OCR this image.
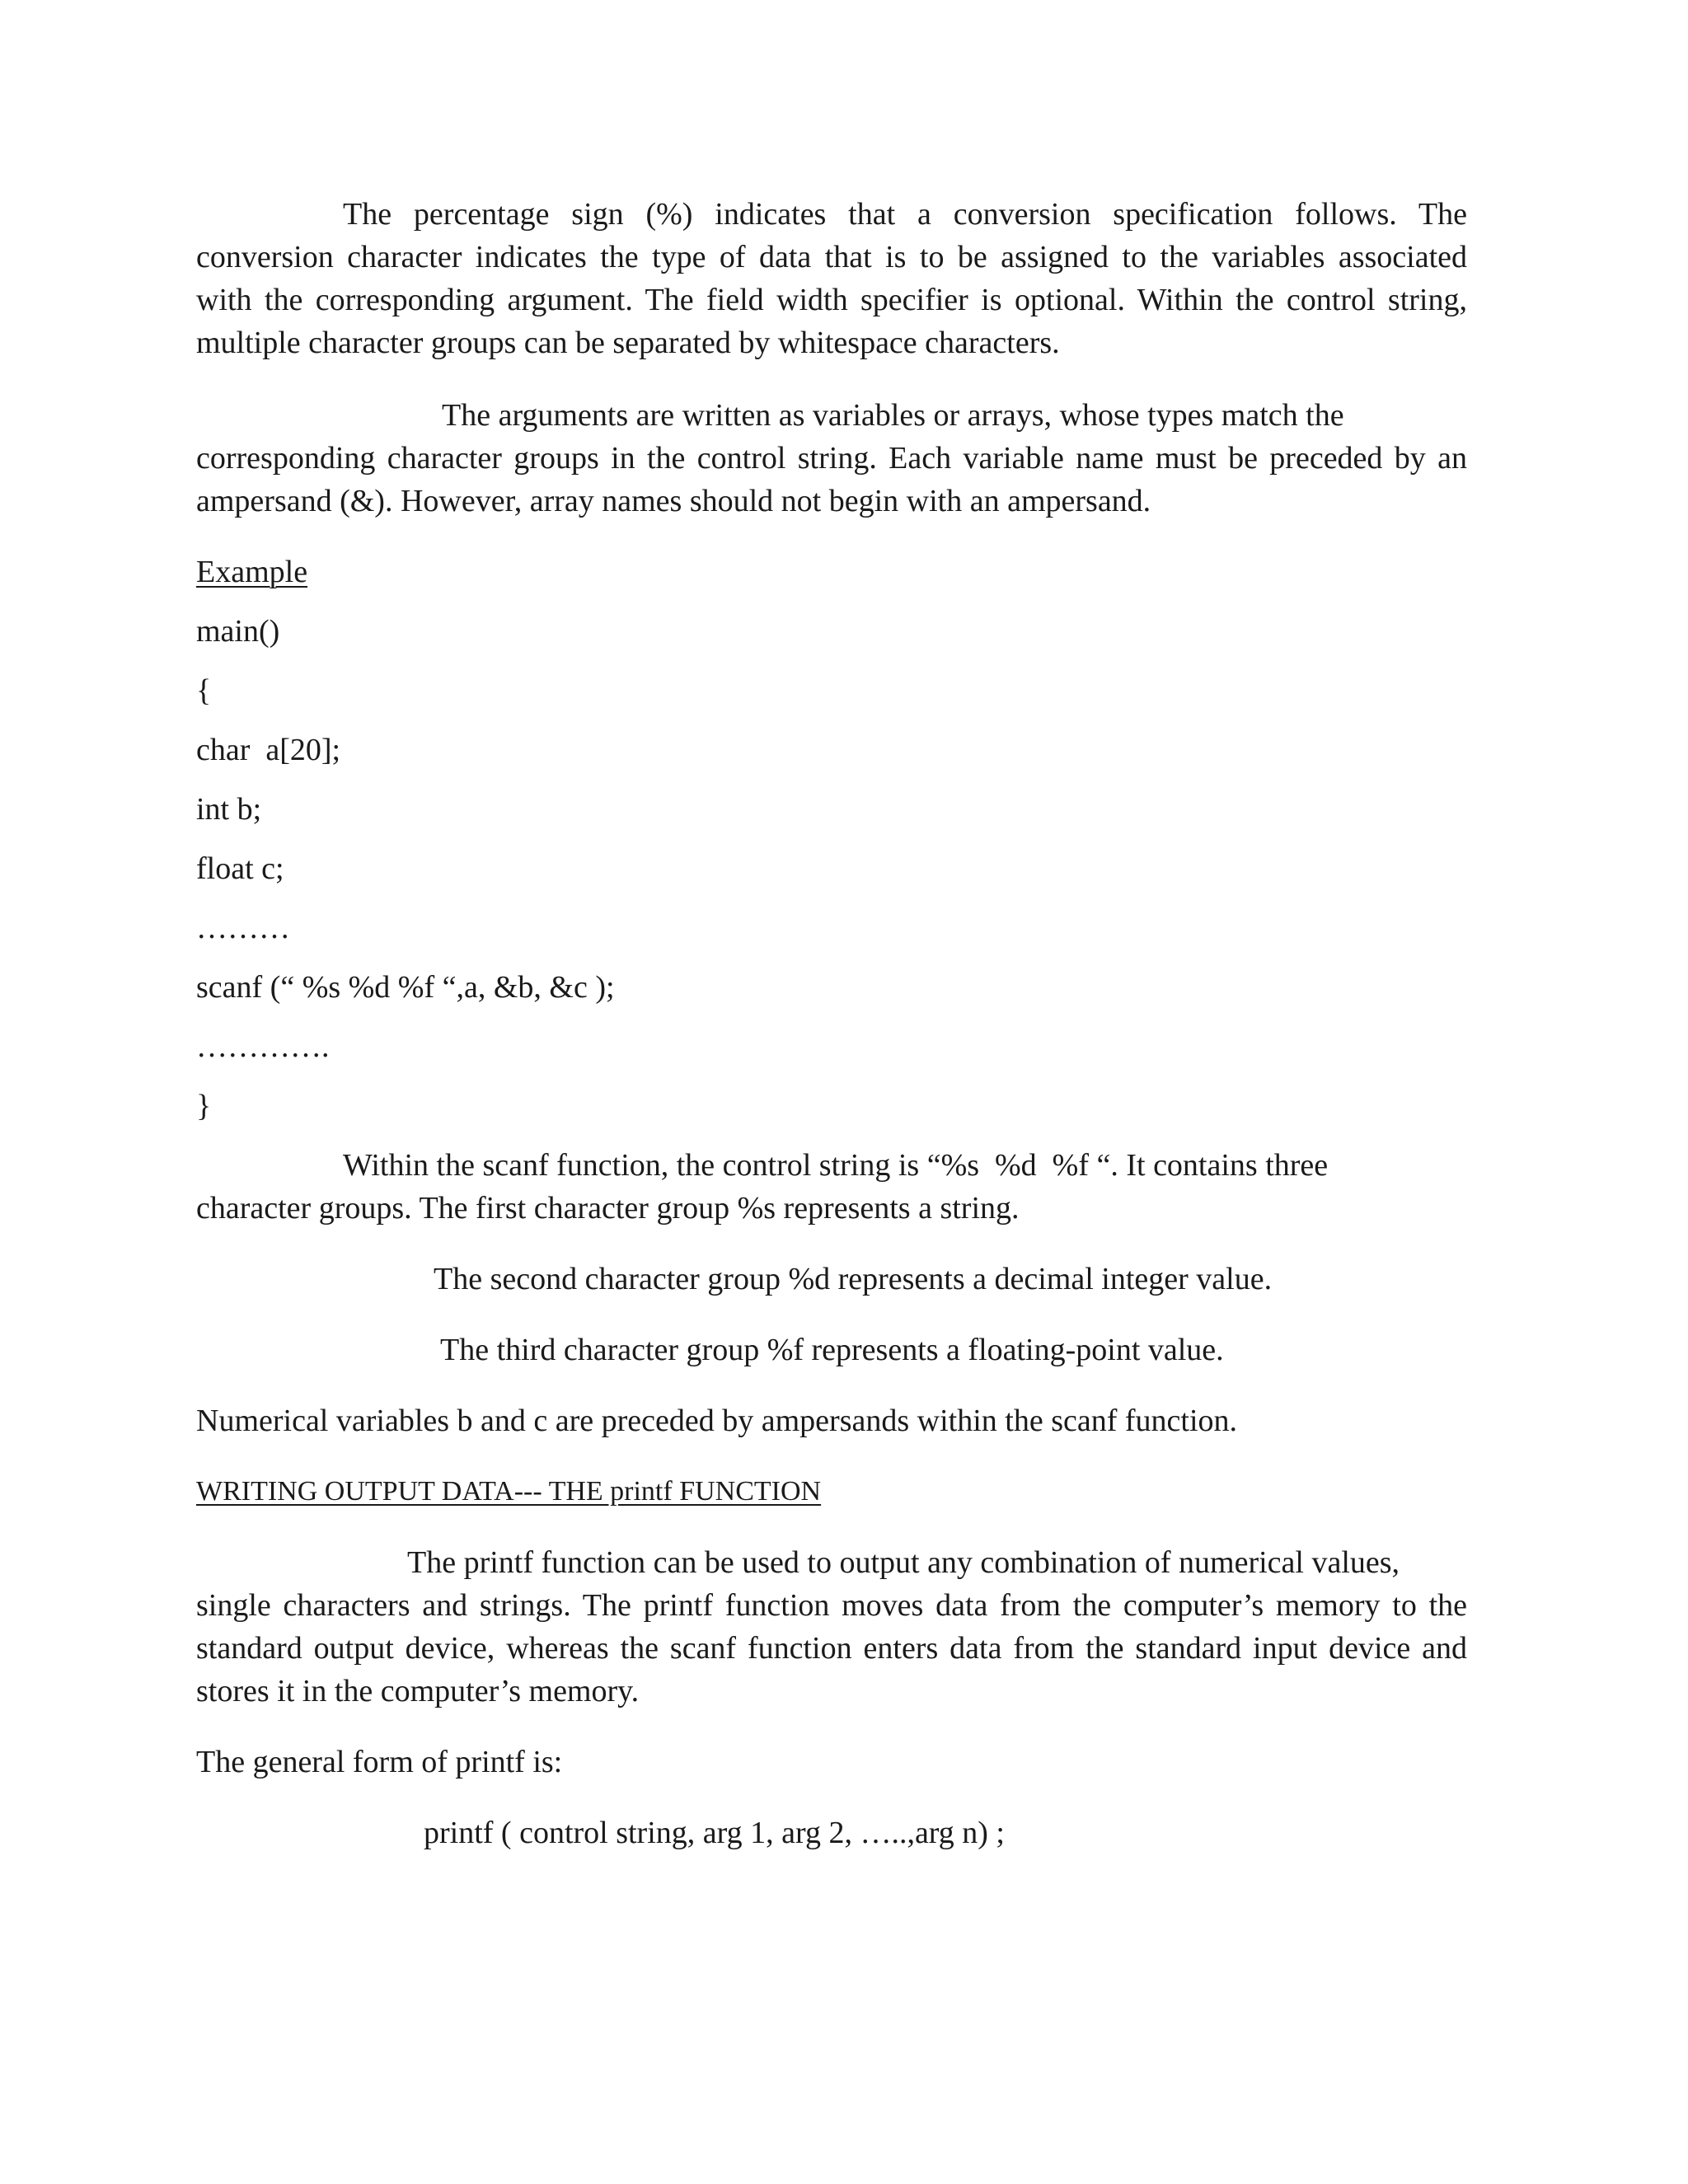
The percentage sign (%) indicates that a conversion specification follows. The

conversion character indicates the type of data that is to be assigned to the variables associated

with the corresponding argument. The field width specifier is optional. Within the control string,

multiple character groups can be separated by whitespace characters.

The arguments are written as variables or arrays, whose types match the

corresponding character groups in the control string. Each variable name must be preceded by an

ampersand (&). However, array names should not begin with an ampersand.

Example

main()

{

char  a[20];

int b;

float c;

………

scanf (“ %s %d %f “,a, &b, &c );

………….

}

Within the scanf function, the control string is “%s  %d  %f “. It contains three

character groups. The first character group %s represents a string.

The second character group %d represents a decimal integer value.

The third character group %f represents a floating-point value.

Numerical variables b and c are preceded by ampersands within the scanf function.

WRITING OUTPUT DATA--- THE printf FUNCTION

The printf function can be used to output any combination of numerical values,

single characters and strings. The printf function moves data from the computer’s memory to the

standard output device, whereas the scanf function enters data from the standard input device and

stores it in the computer’s memory.

The general form of printf is:

printf ( control string, arg 1, arg 2, …..,arg n) ;
